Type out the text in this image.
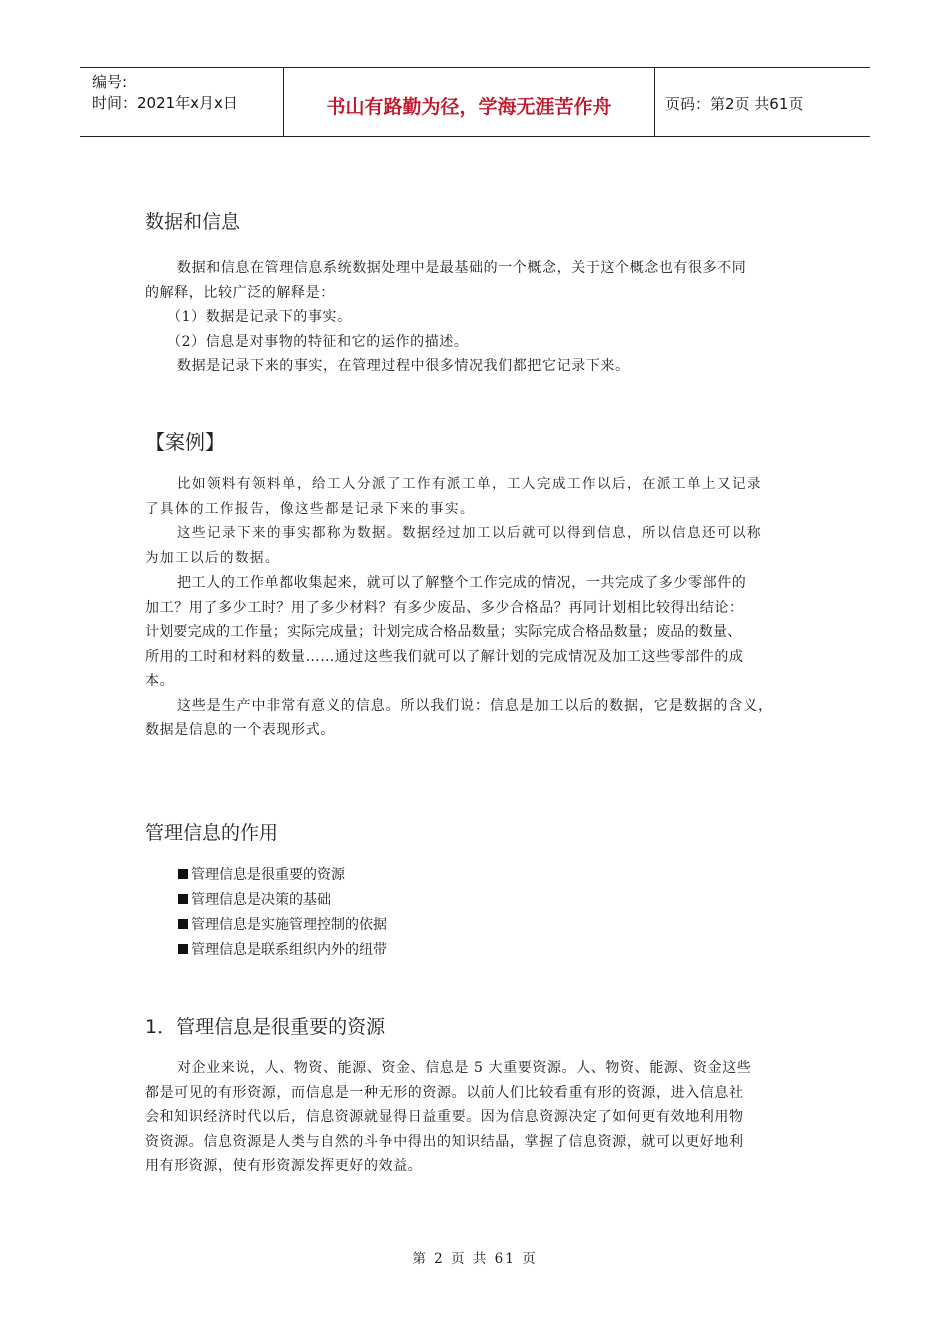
编号:
时间：2021年x月x日	书山有路勤为径，学海无涯苦作舟	页码：第2页 共61页
数据和信息
数据和信息在管理信息系统数据处理中是最基础的一个概念，关于这个概念也有很多不同
的解释，比较广泛的解释是：
（1）数据是记录下的事实。
（2）信息是对事物的特征和它的运作的描述。
数据是记录下来的事实，在管理过程中很多情况我们都把它记录下来。
【案例】
比如领料有领料单，给工人分派了工作有派工单，工人完成工作以后，在派工单上又记录
了具体的工作报告，像这些都是记录下来的事实。
这些记录下来的事实都称为数据。数据经过加工以后就可以得到信息，所以信息还可以称
为加工以后的数据。
把工人的工作单都收集起来，就可以了解整个工作完成的情况，一共完成了多少零部件的
加工？用了多少工时？用了多少材料？有多少废品、多少合格品？再同计划相比较得出结论：
计划要完成的工作量；实际完成量；计划完成合格品数量；实际完成合格品数量；废品的数量、
所用的工时和材料的数量……通过这些我们就可以了解计划的完成情况及加工这些零部件的成
本。
这些是生产中非常有意义的信息。所以我们说：信息是加工以后的数据，它是数据的含义，
数据是信息的一个表现形式。
管理信息的作用
管理信息是很重要的资源
管理信息是决策的基础
管理信息是实施管理控制的依据
管理信息是联系组织内外的纽带
1．管理信息是很重要的资源
对企业来说，人、物资、能源、资金、信息是 5 大重要资源。人、物资、能源、资金这些
都是可见的有形资源，而信息是一种无形的资源。以前人们比较看重有形的资源，进入信息社
会和知识经济时代以后，信息资源就显得日益重要。因为信息资源决定了如何更有效地利用物
资资源。信息资源是人类与自然的斗争中得出的知识结晶，掌握了信息资源，就可以更好地利
用有形资源，使有形资源发挥更好的效益。
第 2 页 共 61 页
